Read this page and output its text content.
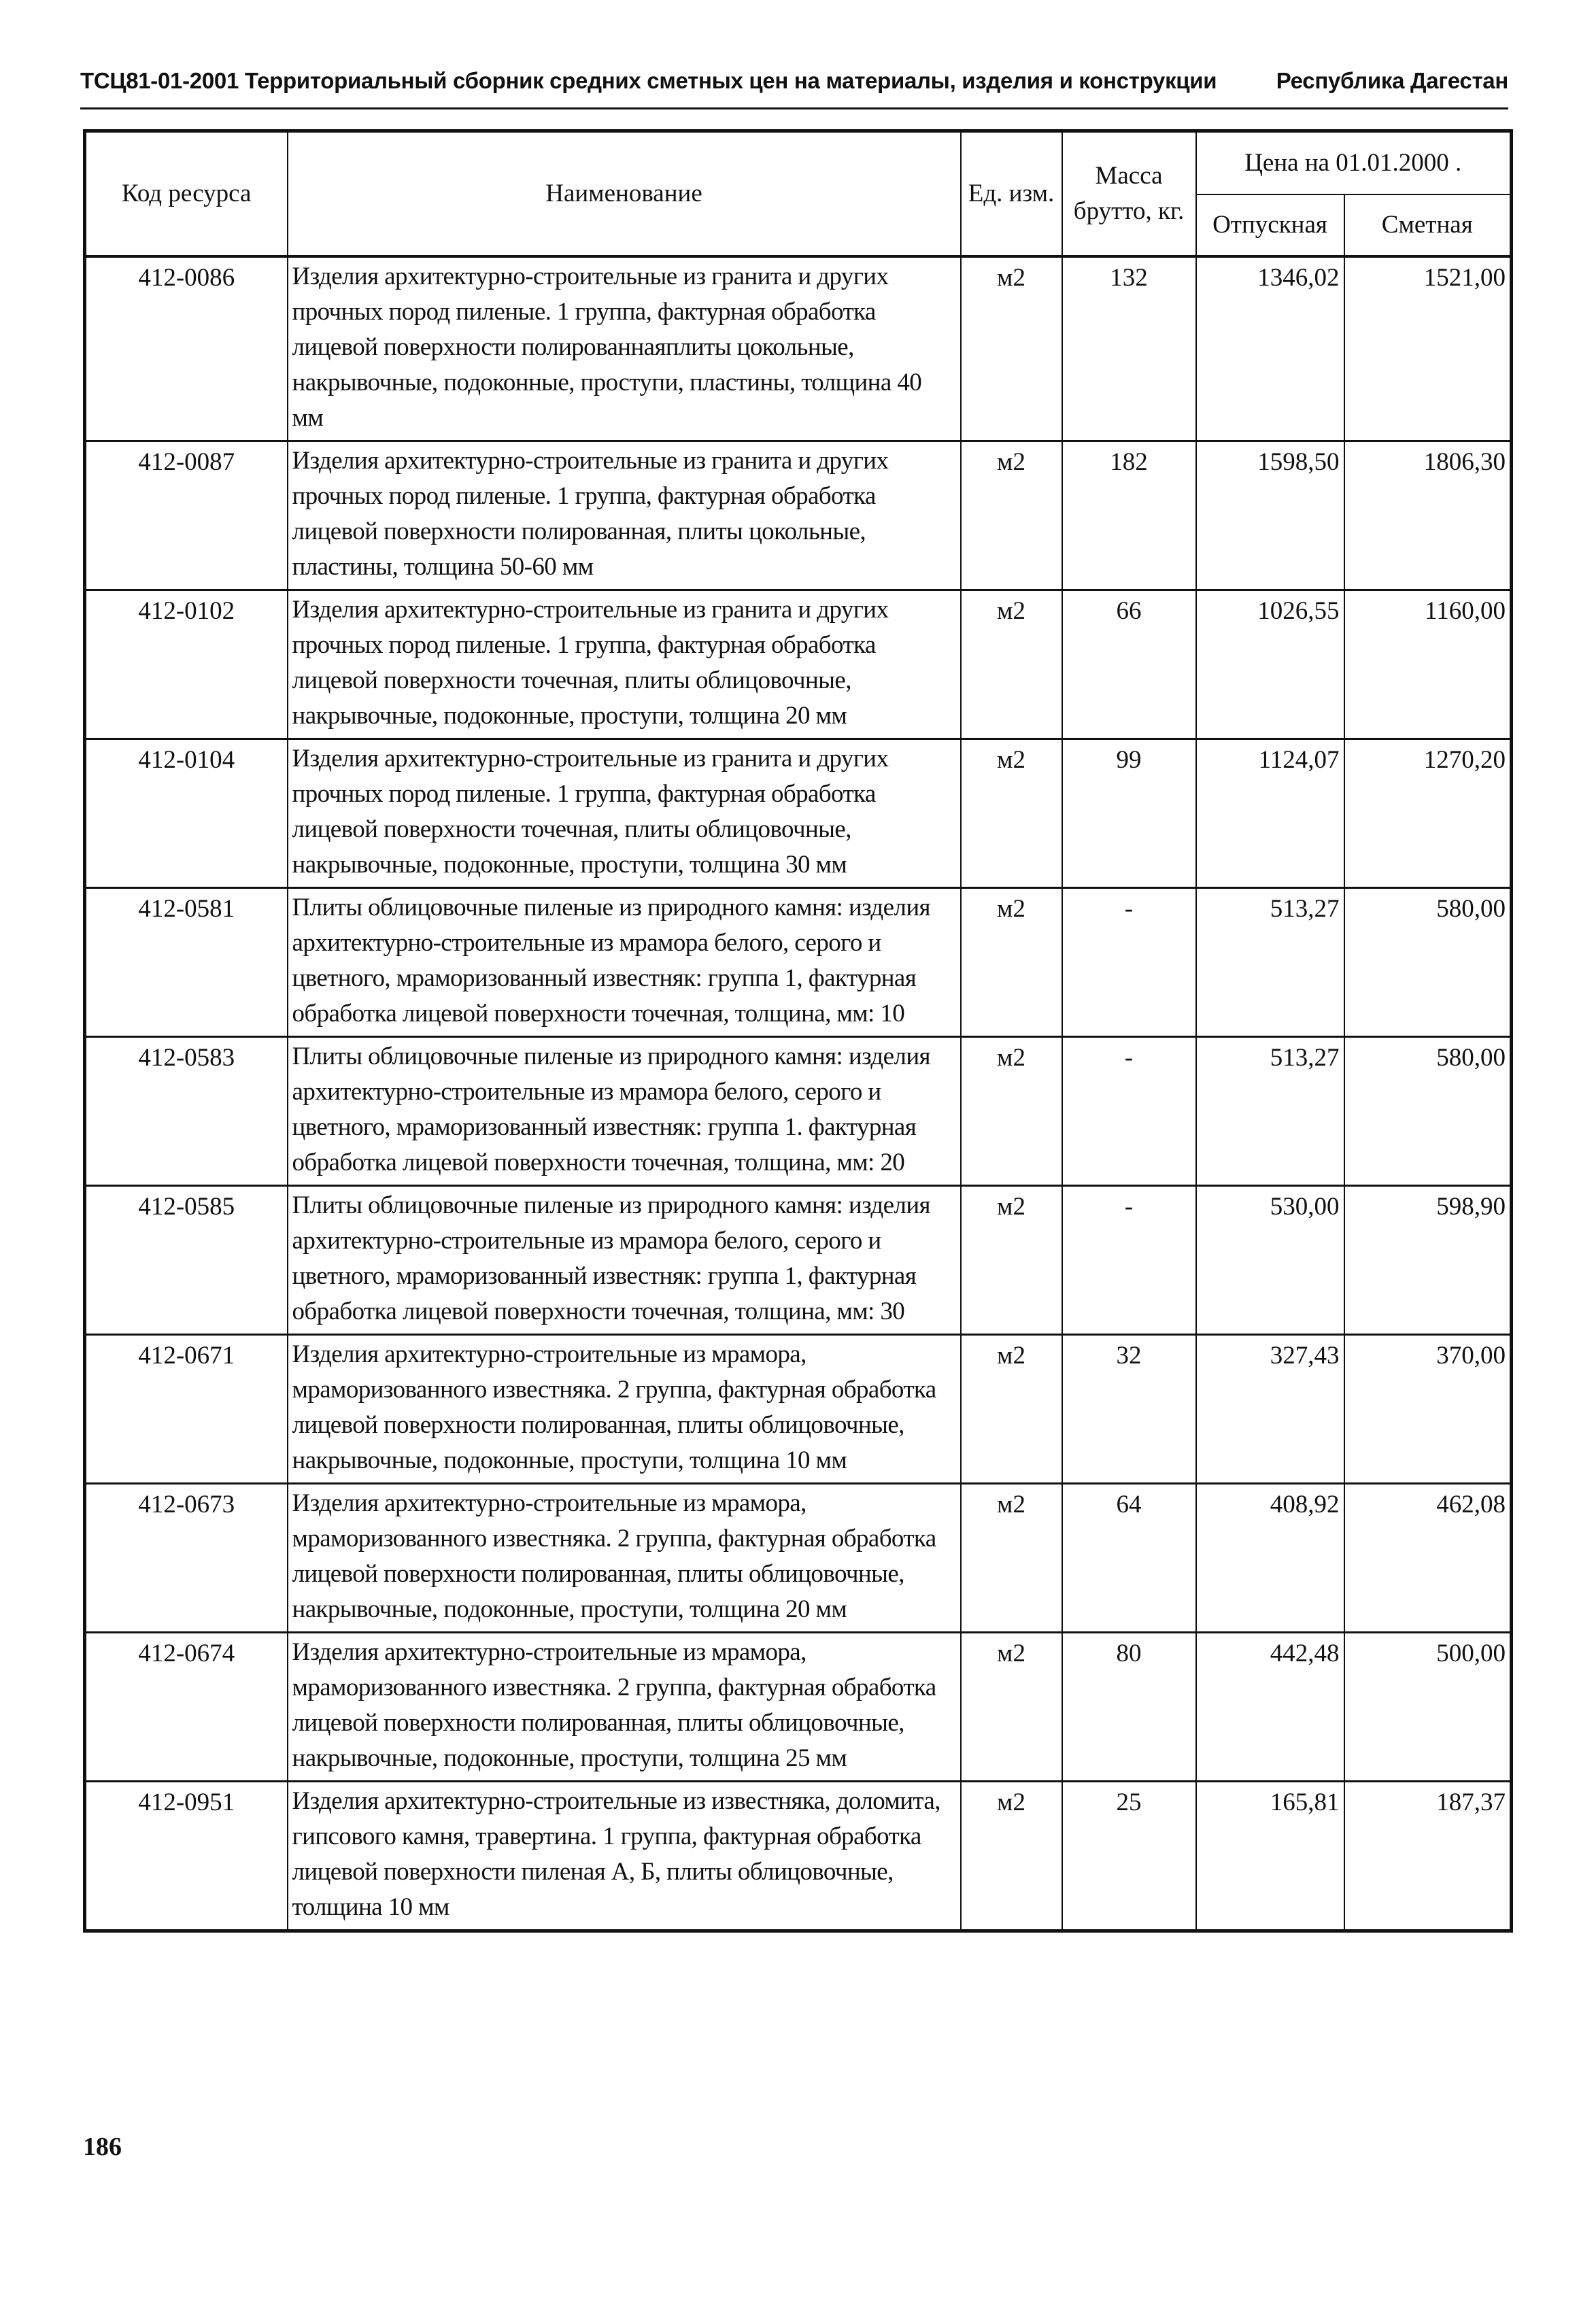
ТСЦ81-01-2001 Территориальный сборник средних сметных цен на материалы, изделия и конструкции	Республика Дагестан
Код ресурса	Наименование	Ед. изм.	Масса брутто, кг.	Цена на 01.01.2000 .	
				Отпускная	Сметная
412-0086	Изделия архитектурно-строительные из гранита и других прочных пород пиленые. 1 группа, фактурная обработка лицевой поверхности полированнаяплиты цокольные, накрывочные, подоконные, проступи, пластины, толщина 40 мм	м2	132	1346,02	1521,00
412-0087	Изделия архитектурно-строительные из гранита и других прочных пород пиленые. 1 группа, фактурная обработка лицевой поверхности полированная, плиты цокольные, пластины, толщина 50-60 мм	м2	182	1598,50	1806,30
412-0102	Изделия архитектурно-строительные из гранита и других прочных пород пиленые. 1 группа, фактурная обработка лицевой поверхности точечная, плиты облицовочные, накрывочные, подоконные, проступи, толщина 20 мм	м2	66	1026,55	1160,00
412-0104	Изделия архитектурно-строительные из гранита и других прочных пород пиленые. 1 группа, фактурная обработка лицевой поверхности точечная, плиты облицовочные, накрывочные, подоконные, проступи, толщина 30 мм	м2	99	1124,07	1270,20
412-0581	Плиты облицовочные пиленые из природного камня: изделия архитектурно-строительные из мрамора белого, серого и цветного, мраморизованный известняк: группа 1, фактурная обработка лицевой поверхности точечная, толщина, мм: 10	м2	-	513,27	580,00
412-0583	Плиты облицовочные пиленые из природного камня: изделия архитектурно-строительные из мрамора белого, серого и цветного, мраморизованный известняк: группа 1. фактурная обработка лицевой поверхности точечная, толщина, мм: 20	м2	-	513,27	580,00
412-0585	Плиты облицовочные пиленые из природного камня: изделия архитектурно-строительные из мрамора белого, серого и цветного, мраморизованный известняк: группа 1, фактурная обработка лицевой поверхности точечная, толщина, мм: 30	м2	-	530,00	598,90
412-0671	Изделия архитектурно-строительные из мрамора, мраморизованного известняка. 2 группа, фактурная обработка лицевой поверхности полированная, плиты облицовочные, накрывочные, подоконные, проступи, толщина 10 мм	м2	32	327,43	370,00
412-0673	Изделия архитектурно-строительные из мрамора, мраморизованного известняка. 2 группа, фактурная обработка лицевой поверхности полированная, плиты облицовочные, накрывочные, подоконные, проступи, толщина 20 мм	м2	64	408,92	462,08
412-0674	Изделия архитектурно-строительные из мрамора, мраморизованного известняка. 2 группа, фактурная обработка лицевой поверхности полированная, плиты облицовочные, накрывочные, подоконные, проступи, толщина 25 мм	м2	80	442,48	500,00
412-0951	Изделия архитектурно-строительные из известняка, доломита, гипсового камня, травертина. 1 группа, фактурная обработка лицевой поверхности пиленая А, Б, плиты облицовочные, толщина 10 мм	м2	25	165,81	187,37
186
